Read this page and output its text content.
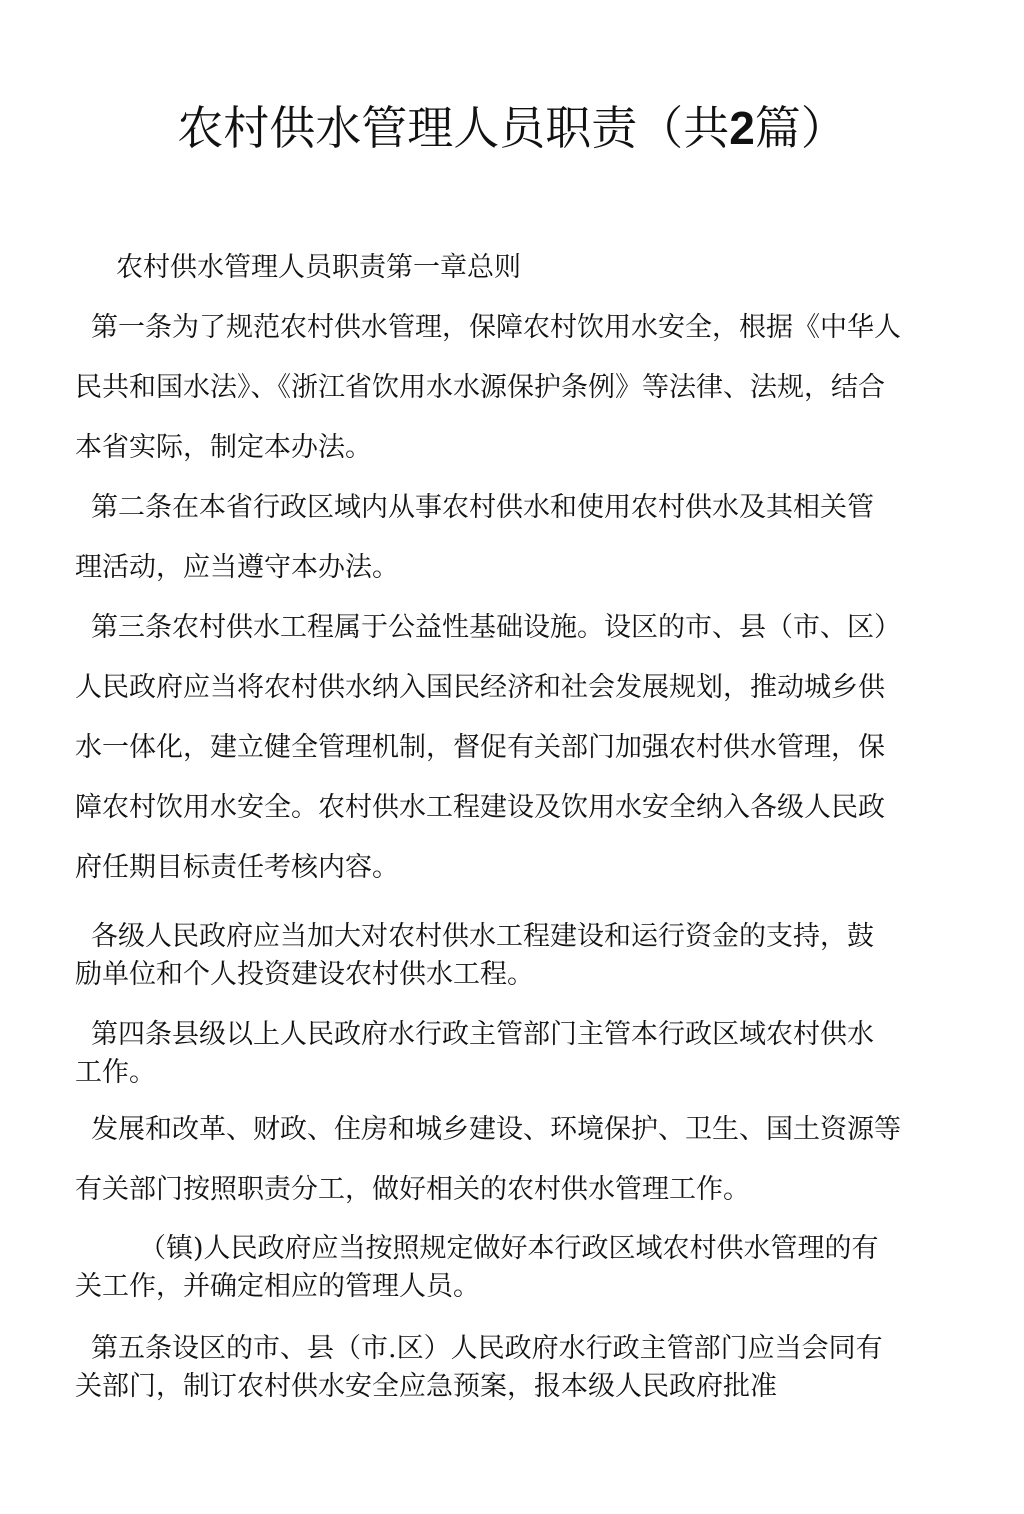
农村供水管理人员职责（共2篇）

农村供水管理人员职责第一章总则

第一条为了规范农村供水管理，保障农村饮用水安全，根据《中华人民共和国水法》、《浙江省饮用水水源保护条例》等法律、法规，结合本省实际，制定本办法。

第二条在本省行政区域内从事农村供水和使用农村供水及其相关管理活动，应当遵守本办法。

第三条农村供水工程属于公益性基础设施。设区的市、县（市、区）人民政府应当将农村供水纳入国民经济和社会发展规划，推动城乡供水一体化，建立健全管理机制，督促有关部门加强农村供水管理，保障农村饮用水安全。农村供水工程建设及饮用水安全纳入各级人民政府任期目标责任考核内容。

各级人民政府应当加大对农村供水工程建设和运行资金的支持，鼓励单位和个人投资建设农村供水工程。

第四条县级以上人民政府水行政主管部门主管本行政区域农村供水工作。

发展和改革、财政、住房和城乡建设、环境保护、卫生、国土资源等有关部门按照职责分工，做好相关的农村供水管理工作。

（镇)人民政府应当按照规定做好本行政区域农村供水管理的有关工作，并确定相应的管理人员。

第五条设区的市、县（市.区）人民政府水行政主管部门应当会同有关部门，制订农村供水安全应急预案，报本级人民政府批准
